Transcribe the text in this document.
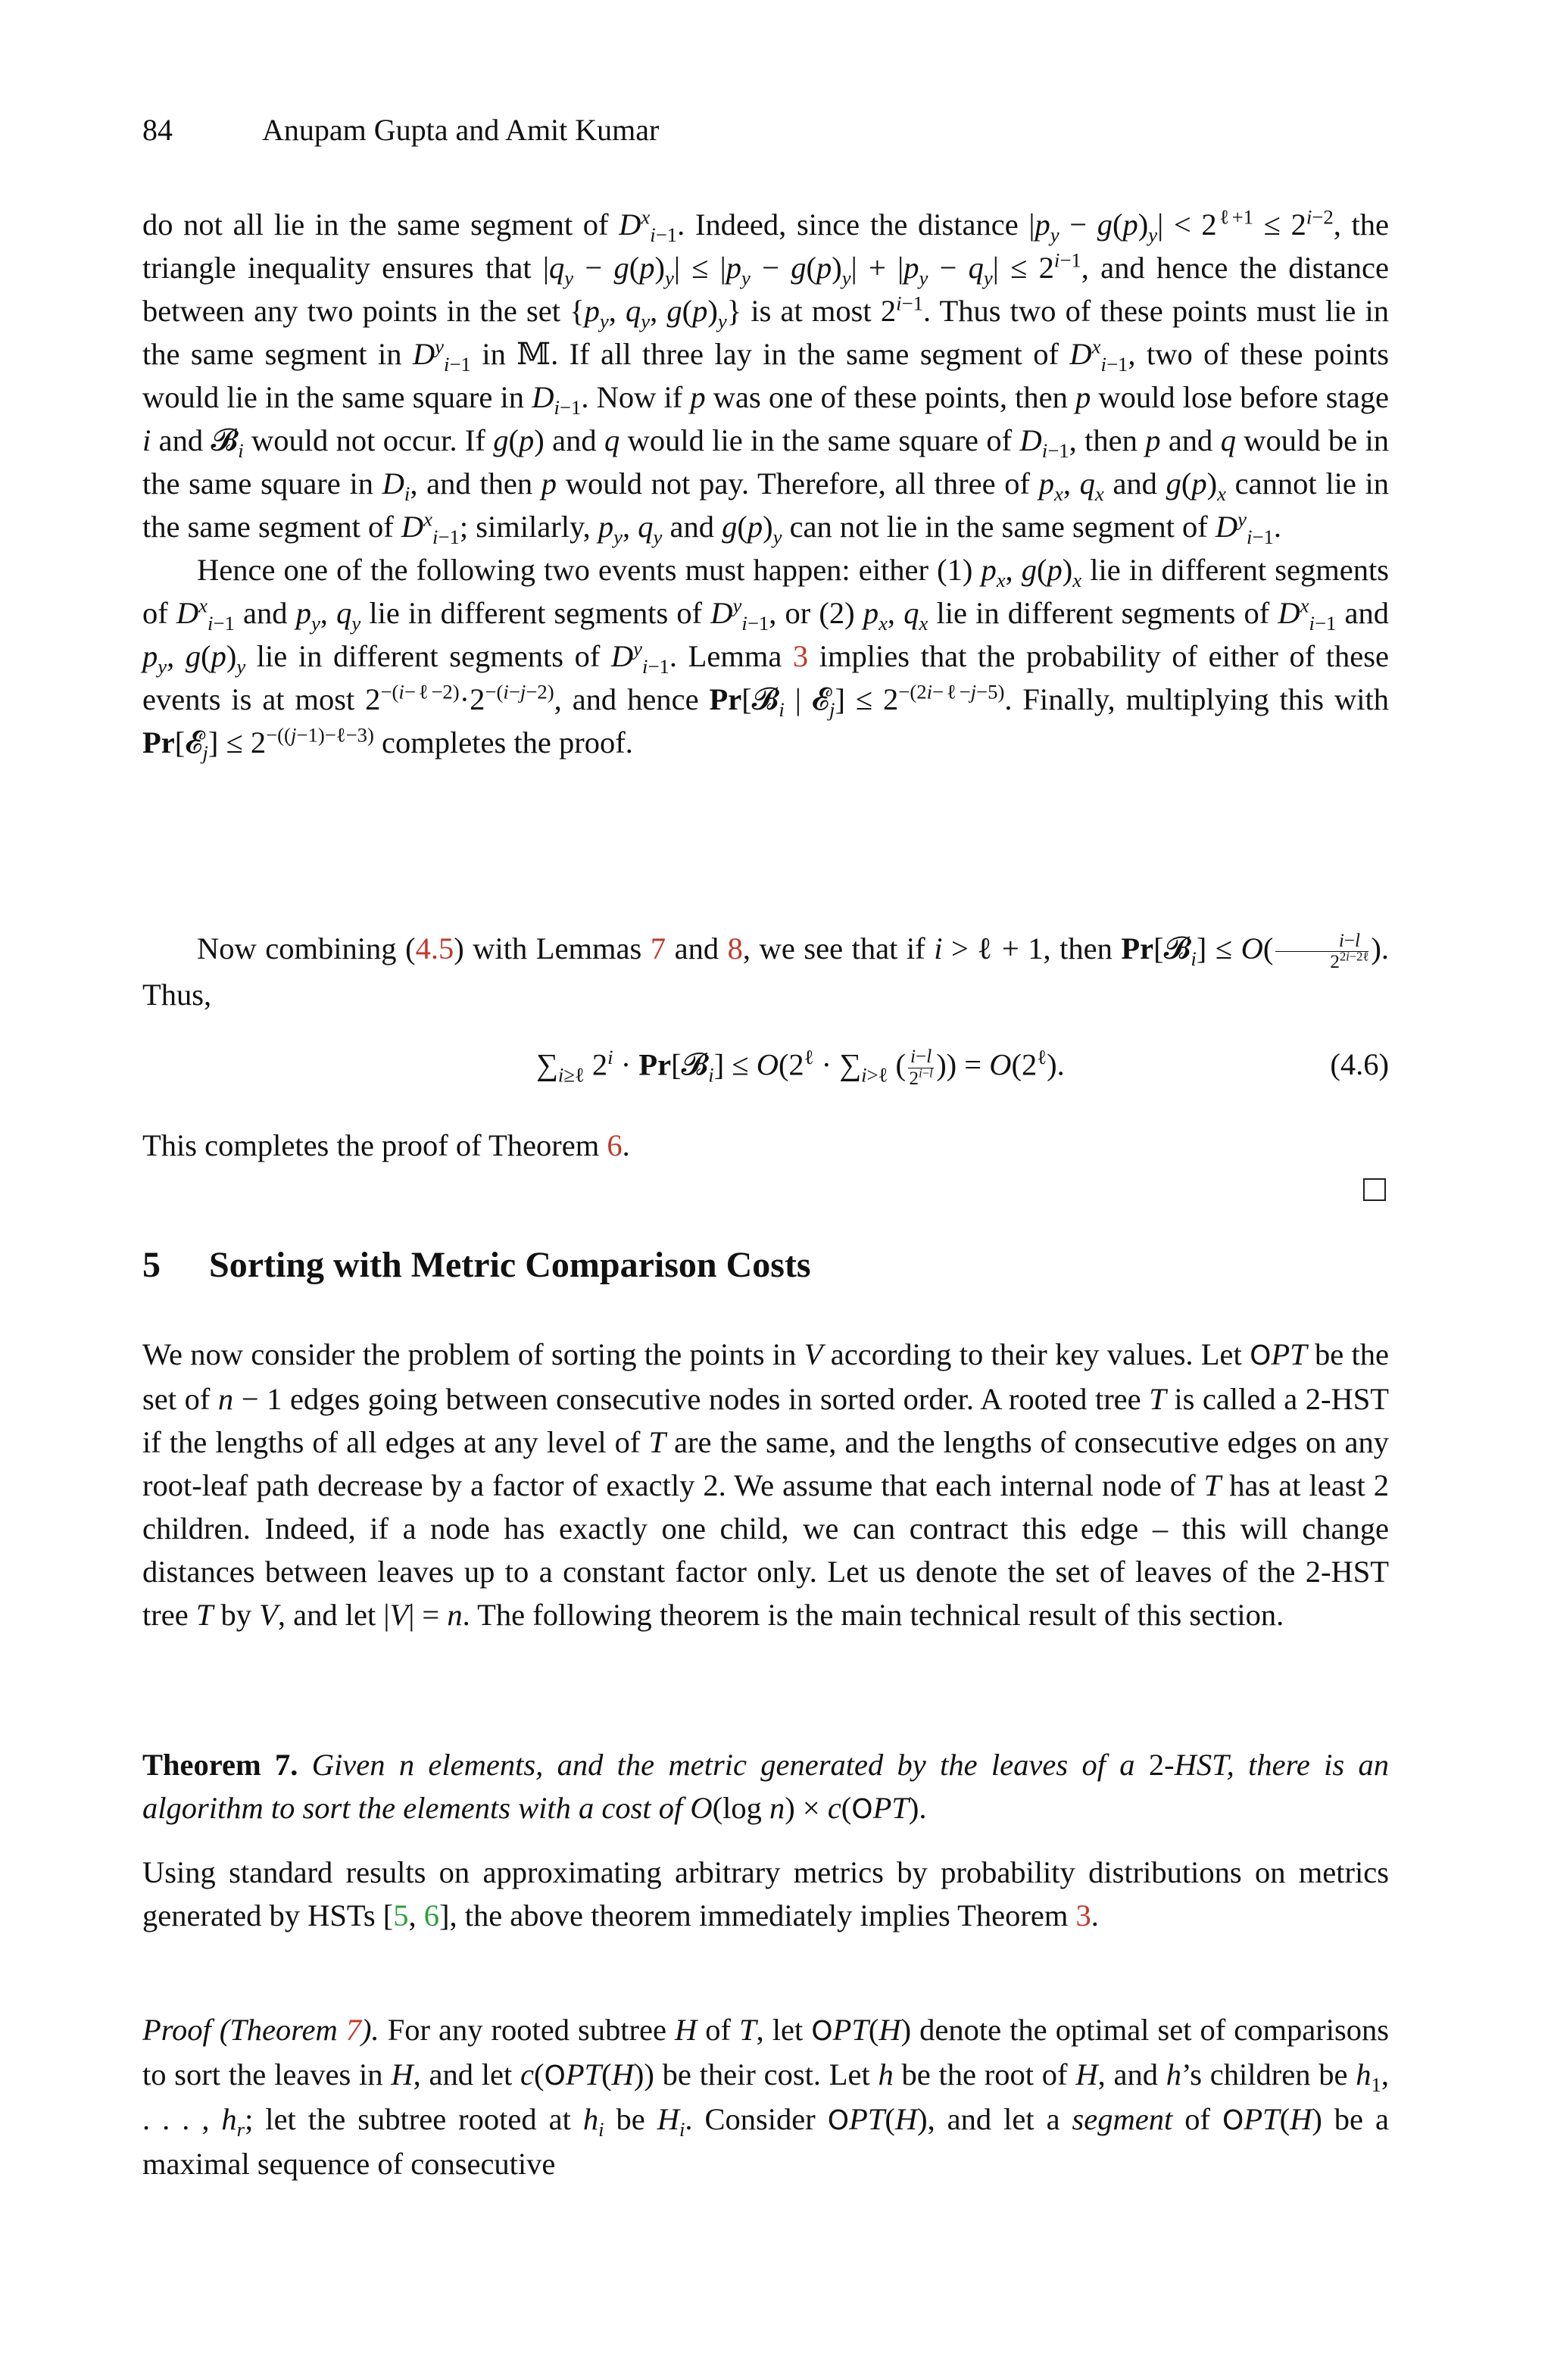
84	Anupam Gupta and Amit Kumar

do not all lie in the same segment of $D^x_{i-1}$. Indeed, since the distance $|p_y - g(p)_y| < 2^{\ell+1} \le 2^{i-2}$, the triangle inequality ensures that $|q_y - g(p)_y| \le |p_y - g(p)_y| + |p_y - q_y| \le 2^{i-1}$, and hence the distance between any two points in the set {$p_y$, $q_y$, $g(p)_y$} is at most $2^{i-1}$. Thus two of these points must lie in the same segment in $D^y_{i-1}$ in 𝕄. If all three lay in the same segment of $D^x_{i-1}$, two of these points would lie in the same square in $D_{i-1}$. Now if p was one of these points, then p would lose before stage i and 𝓑$_i$ would not occur. If g(p) and q would lie in the same square of $D_{i-1}$, then p and q would be in the same square in $D_i$, and then p would not pay. Therefore, all three of $p_x$, $q_x$ and $g(p)_x$ cannot lie in the same segment of $D^x_{i-1}$; similarly, $p_y$, $q_y$ and $g(p)_y$ can not lie in the same segment of $D^y_{i-1}$.

Hence one of the following two events must happen: either (1) $p_x$, $g(p)_x$ lie in different segments of $D^x_{i-1}$ and $p_y$, $q_y$ lie in different segments of $D^y_{i-1}$, or (2) $p_x$, $q_x$ lie in different segments of $D^x_{i-1}$ and $p_y$, $g(p)_y$ lie in different segments of $D^y_{i-1}$. Lemma 3 implies that the probability of either of these events is at most $2^{-(i-\ell-2)}\cdot 2^{-(i-j-2)}$, and hence Pr[𝓑$_i$ | 𝓔$_j$] ≤ $2^{-(2i-\ell-j-5)}$. Finally, multiplying this with Pr[𝓔$_j$] ≤ $2^{-((j-1)-\ell-3)}$ completes the proof.

Now combining (4.5) with Lemmas 7 and 8, we see that if i > ℓ + 1, then Pr[𝓑$_i$] ≤ $O( \frac{i-l}{2^{2i-2\ell}}$ ). Thus,

$\sum_{i\ge\ell}$ $2^i$ · Pr[𝓑$_i$] ≤ $O(2^\ell \cdot \sum_{i>\ell}$ ( $\frac{i-l}{2^{i-l}}$ )) = $O(2^\ell)$.	(4.6)

This completes the proof of Theorem 6.

5 Sorting with Metric Comparison Costs

We now consider the problem of sorting the points in V according to their key values. Let OPT be the set of n − 1 edges going between consecutive nodes in sorted order. A rooted tree T is called a 2-HST if the lengths of all edges at any level of T are the same, and the lengths of consecutive edges on any root-leaf path decrease by a factor of exactly 2. We assume that each internal node of T has at least 2 children. Indeed, if a node has exactly one child, we can contract this edge – this will change distances between leaves up to a constant factor only. Let us denote the set of leaves of the 2-HST tree T by V, and let |V| = n. The following theorem is the main technical result of this section.

Theorem 7. Given n elements, and the metric generated by the leaves of a 2-HST, there is an algorithm to sort the elements with a cost of O(log n) × c(OPT).

Using standard results on approximating arbitrary metrics by probability distributions on metrics generated by HSTs [5, 6], the above theorem immediately implies Theorem 3.

Proof (Theorem 7). For any rooted subtree H of T, let OPT(H) denote the optimal set of comparisons to sort the leaves in H, and let c(OPT(H)) be their cost. Let h be the root of H, and h’s children be $h_1$, . . . , $h_r$; let the subtree rooted at $h_i$ be $H_i$. Consider OPT(H), and let a segment of OPT(H) be a maximal sequence of consecutive
